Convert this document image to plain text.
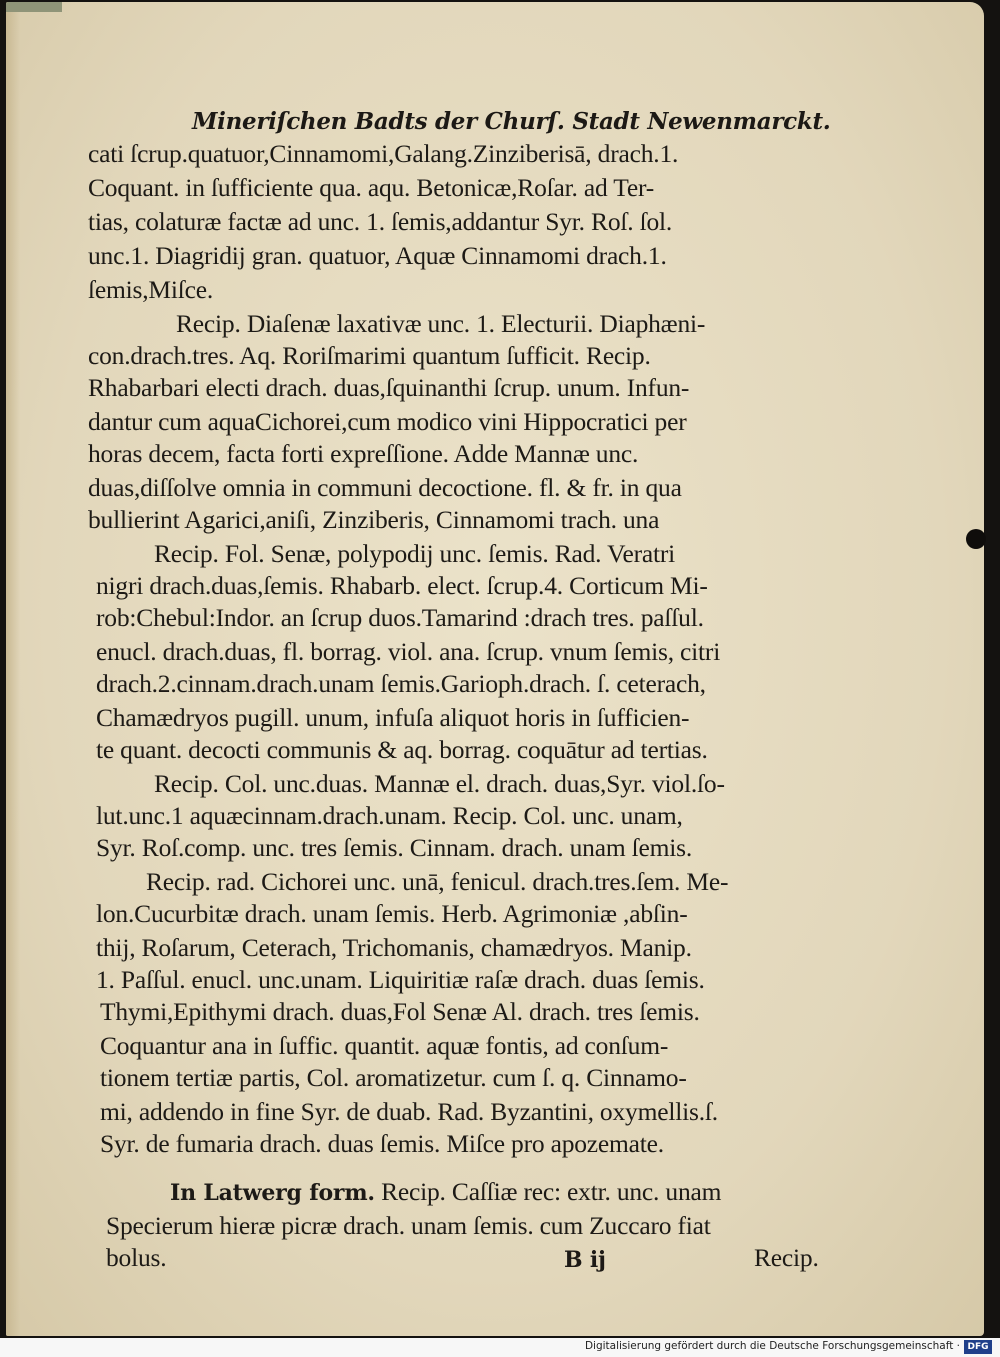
Mineriſchen Badts der Churſ. Stadt Newenmarckt.
cati ſcrup.quatuor,Cinnamomi,Galang.Zinziberisā, drach.1.
Coquant. in ſufficiente qua. aqu. Betonicæ,Roſar. ad Ter-
tias, colaturæ factæ ad unc. 1. ſemis,addantur Syr. Roſ. ſol.
unc.1. Diagridij gran. quatuor, Aquæ Cinnamomi drach.1.
ſemis,Miſce.
Recip. Diaſenæ laxativæ unc. 1. Electurii. Diaphæni-
con.drach.tres. Aq. Roriſmarimi quantum ſufficit. Recip.
Rhabarbari electi drach. duas,ſquinanthi ſcrup. unum. Infun-
dantur cum aquaCichorei,cum modico vini Hippocratici per
horas decem, facta forti expreſſione. Adde Mannæ unc.
duas,diſſolve omnia in communi decoctione. fl. & fr. in qua
bullierint Agarici,aniſi, Zinziberis, Cinnamomi trach. una
Recip. Fol. Senæ, polypodij unc. ſemis. Rad. Veratri
nigri drach.duas,ſemis. Rhabarb. elect. ſcrup.4. Corticum Mi-
rob:Chebul:Indor. an ſcrup duos.Tamarind :drach tres. paſſul.
enucl. drach.duas, fl. borrag. viol. ana. ſcrup. vnum ſemis, citri
drach.2.cinnam.drach.unam ſemis.Garioph.drach. ſ. ceterach,
Chamædryos pugill. unum, infuſa aliquot horis in ſufficien-
te quant. decocti communis & aq. borrag. coquātur ad tertias.
Recip. Col. unc.duas. Mannæ el. drach. duas,Syr. viol.ſo-
lut.unc.1 aquæcinnam.drach.unam. Recip. Col. unc. unam,
Syr. Roſ.comp. unc. tres ſemis. Cinnam. drach. unam ſemis.
Recip. rad. Cichorei unc. unā, fenicul. drach.tres.ſem. Me-
lon.Cucurbitæ drach. unam ſemis. Herb. Agrimoniæ ,abſin-
thij, Roſarum, Ceterach, Trichomanis, chamædryos. Manip.
1. Paſſul. enucl. unc.unam. Liquiritiæ raſæ drach. duas ſemis.
Thymi,Epithymi drach. duas,Fol Senæ Al. drach. tres ſemis.
Coquantur ana in ſuffic. quantit. aquæ fontis, ad conſum-
tionem tertiæ partis, Col. aromatizetur. cum ſ. q. Cinnamo-
mi, addendo in fine Syr. de duab. Rad. Byzantini, oxymellis.ſ.
Syr. de fumaria drach. duas ſemis. Miſce pro apozemate.
In Latwerg form. Recip. Caſſiæ rec: extr. unc. unam
Specierum hieræ picræ drach. unam ſemis. cum Zuccaro fiat
bolus.	B ij	Recip.
Digitalisierung gefördert durch die Deutsche Forschungsgemeinschaft · DFG
